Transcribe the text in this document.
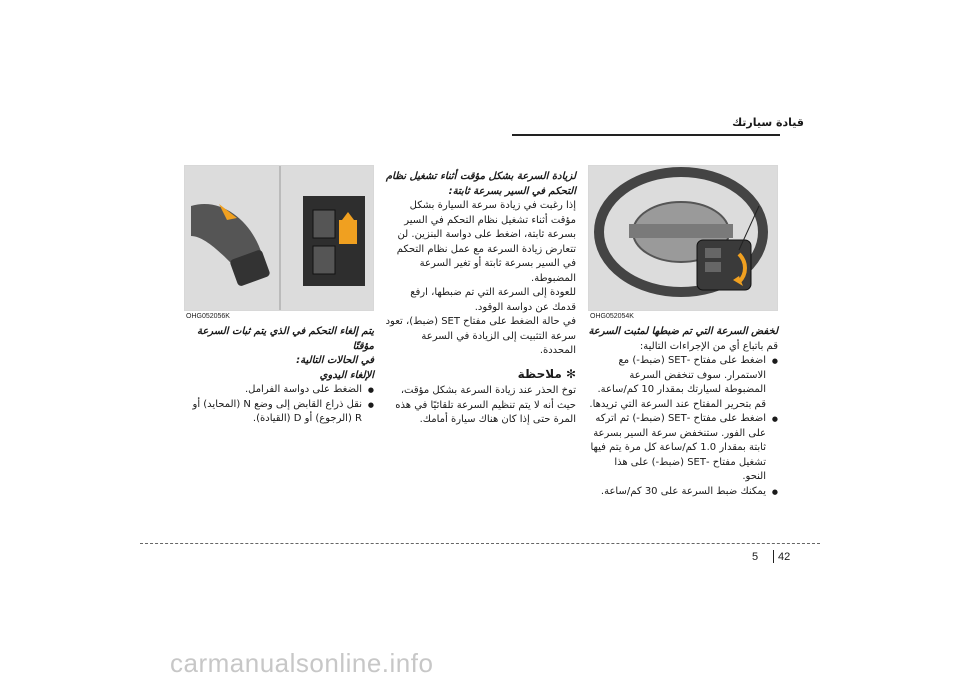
قيادة سيارتك
OHG052054K

لخفض السرعة التي تم ضبطها لمثبت السرعة

قم باتباع أي من الإجراءات التالية:

● اضغط على مفتاح -SET (ضبط-) مع الاستمرار. سوف تنخفض السرعة المضبوطة لسيارتك بمقدار 10 كم/ساعة. قم بتحرير المفتاح عند السرعة التي تريدها.

● اضغط على مفتاح -SET (ضبط-) ثم اتركه على الفور. ستنخفض سرعة السير بسرعة ثابتة بمقدار 1.0 كم/ساعة كل مرة يتم فيها تشغيل مفتاح -SET (ضبط-) على هذا النحو.

● يمكنك ضبط السرعة على 30 كم/ساعة.

لزيادة السرعة بشكل مؤقت أثناء تشغيل نظام

التحكم في السير بسرعة ثابتة:

إذا رغبت في زيادة سرعة السيارة بشكل مؤقت أثناء تشغيل نظام التحكم في السير بسرعة ثابتة، اضغط على دواسة البنزين. لن تتعارض زيادة السرعة مع عمل نظام التحكم في السير بسرعة ثابتة أو تغير السرعة المضبوطة.

للعودة إلى السرعة التي تم ضبطها، ارفع قدمك عن دواسة الوقود.

في حالة الضغط على مفتاح SET (ضبط)، تعود سرعة التثبيت إلى الزيادة في السرعة المحددة.

✻ ملاحظة

توخ الحذر عند زيادة السرعة بشكل مؤقت، حيث أنه لا يتم تنظيم السرعة تلقائيًا في هذه المرة حتى إذا كان هناك سيارة أمامك.

OHG052056K

يتم إلغاء التحكم في الذي يتم ثبات السرعة مؤقتًا

في الحالات التالية:

الإلغاء اليدوي

● الضغط على دواسة الفرامل.

● نقل ذراع القابض إلى وضع N (المحايد) أو R (الرجوع) أو D (القيادة).

5 42
carmanualsonline.info
